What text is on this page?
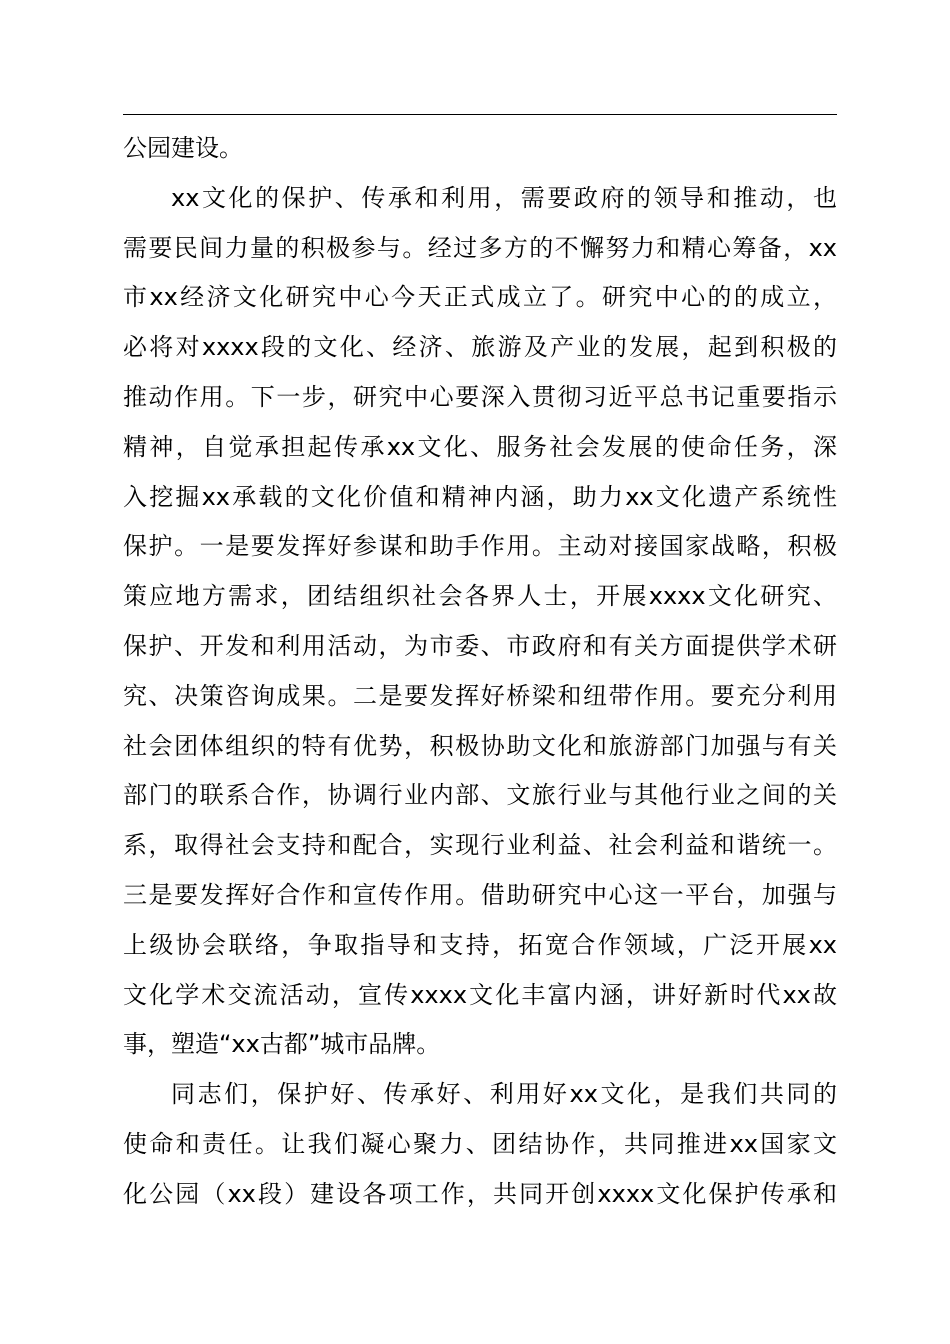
公园建设。
xx文化的保护、传承和利用，需要政府的领导和推动，也
需要民间力量的积极参与。经过多方的不懈努力和精心筹备，xx
市xx经济文化研究中心今天正式成立了。研究中心的的成立，
必将对xxxx段的文化、经济、旅游及产业的发展，起到积极的
推动作用。下一步，研究中心要深入贯彻习近平总书记重要指示
精神，自觉承担起传承xx文化、服务社会发展的使命任务，深
入挖掘xx承载的文化价值和精神内涵，助力xx文化遗产系统性
保护。一是要发挥好参谋和助手作用。主动对接国家战略，积极
策应地方需求，团结组织社会各界人士，开展xxxx文化研究、
保护、开发和利用活动，为市委、市政府和有关方面提供学术研
究、决策咨询成果。二是要发挥好桥梁和纽带作用。要充分利用
社会团体组织的特有优势，积极协助文化和旅游部门加强与有关
部门的联系合作，协调行业内部、文旅行业与其他行业之间的关
系，取得社会支持和配合，实现行业利益、社会利益和谐统一。
三是要发挥好合作和宣传作用。借助研究中心这一平台，加强与
上级协会联络，争取指导和支持，拓宽合作领域，广泛开展xx
文化学术交流活动，宣传xxxx文化丰富内涵，讲好新时代xx故
事，塑造“xx古都”城市品牌。
同志们，保护好、传承好、利用好xx文化，是我们共同的
使命和责任。让我们凝心聚力、团结协作，共同推进xx国家文
化公园（xx段）建设各项工作，共同开创xxxx文化保护传承和
